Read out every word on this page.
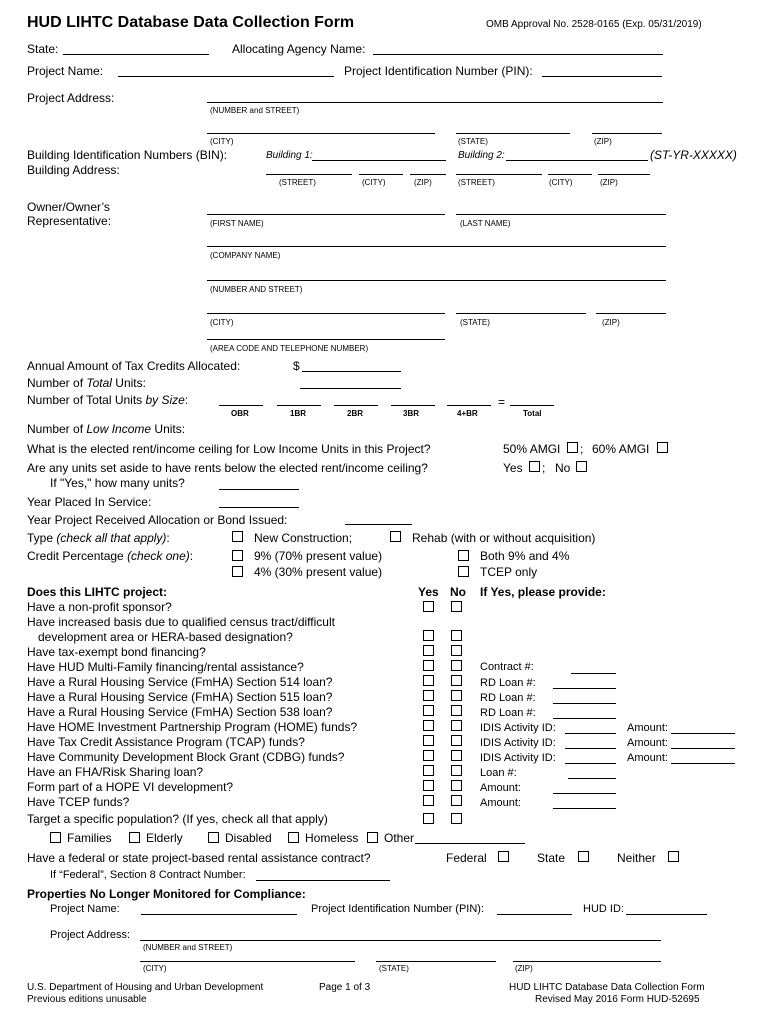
HUD LIHTC Database Data Collection Form	OMB Approval No. 2528-0165 (Exp. 05/31/2019)
State:	Allocating Agency Name:
Project Name:	Project Identification Number (PIN):
Project Address:
(NUMBER and STREET)
(CITY)	(STATE)	(ZIP)
Building Identification Numbers (BIN):	Building 1:	Building 2:	(ST-YR-XXXXX)
Building Address:
(STREET)	(CITY)	(ZIP)	(STREET)	(CITY)	(ZIP)
Owner/Owner’s
Representative:	(FIRST NAME)	(LAST NAME)
(COMPANY NAME)
(NUMBER AND STREET)
(CITY)	(STATE)	(ZIP)
(AREA CODE AND TELEPHONE NUMBER)
Annual Amount of Tax Credits Allocated:	$
Number of Total Units:
Number of Total Units by Size:	=
OBR	1BR	2BR	3BR	4+BR	Total
Number of Low Income Units:
What is the elected rent/income ceiling for Low Income Units in this Project?	50% AMGI ; 60% AMGI
Are any units set aside to have rents below the elected rent/income ceiling?	Yes ; No
If "Yes," how many units?
Year Placed In Service:
Year Project Received Allocation or Bond Issued:
Type (check all that apply):	New Construction;	Rehab (with or without acquisition)
Credit Percentage (check one):	9% (70% present value)	Both 9% and 4%
4% (30% present value)	TCEP only
Does this LIHTC project:	Yes No If Yes, please provide:
Have a non-profit sponsor?
Have increased basis due to qualified census tract/difficult
development area or HERA-based designation?
Have tax-exempt bond financing?
Have HUD Multi-Family financing/rental assistance?	Contract #:
Have a Rural Housing Service (FmHA) Section 514 loan?	RD Loan #:
Have a Rural Housing Service (FmHA) Section 515 loan?	RD Loan #:
Have a Rural Housing Service (FmHA) Section 538 loan?	RD Loan #:
Have HOME Investment Partnership Program (HOME) funds?	IDIS Activity ID:	Amount:
Have Tax Credit Assistance Program (TCAP) funds?	IDIS Activity ID:	Amount:
Have Community Development Block Grant (CDBG) funds?	IDIS Activity ID:	Amount:
Have an FHA/Risk Sharing loan?	Loan #:
Form part of a HOPE VI development?	Amount:
Have TCEP funds?	Amount:
Target a specific population? (If yes, check all that apply)
Families	Elderly	Disabled	Homeless Other
Have a federal or state project-based rental assistance contract?	Federal	State	Neither
If “Federal”, Section 8 Contract Number:
Properties No Longer Monitored for Compliance:
Project Name:	Project Identification Number (PIN):	HUD ID:
Project Address:
(NUMBER and STREET)
(CITY)	(STATE)	(ZIP)
U.S. Department of Housing and Urban Development
Previous editions unusable
Page 1 of 3	HUD LIHTC Database Data Collection Form
Revised May 2016 Form HUD-52695
